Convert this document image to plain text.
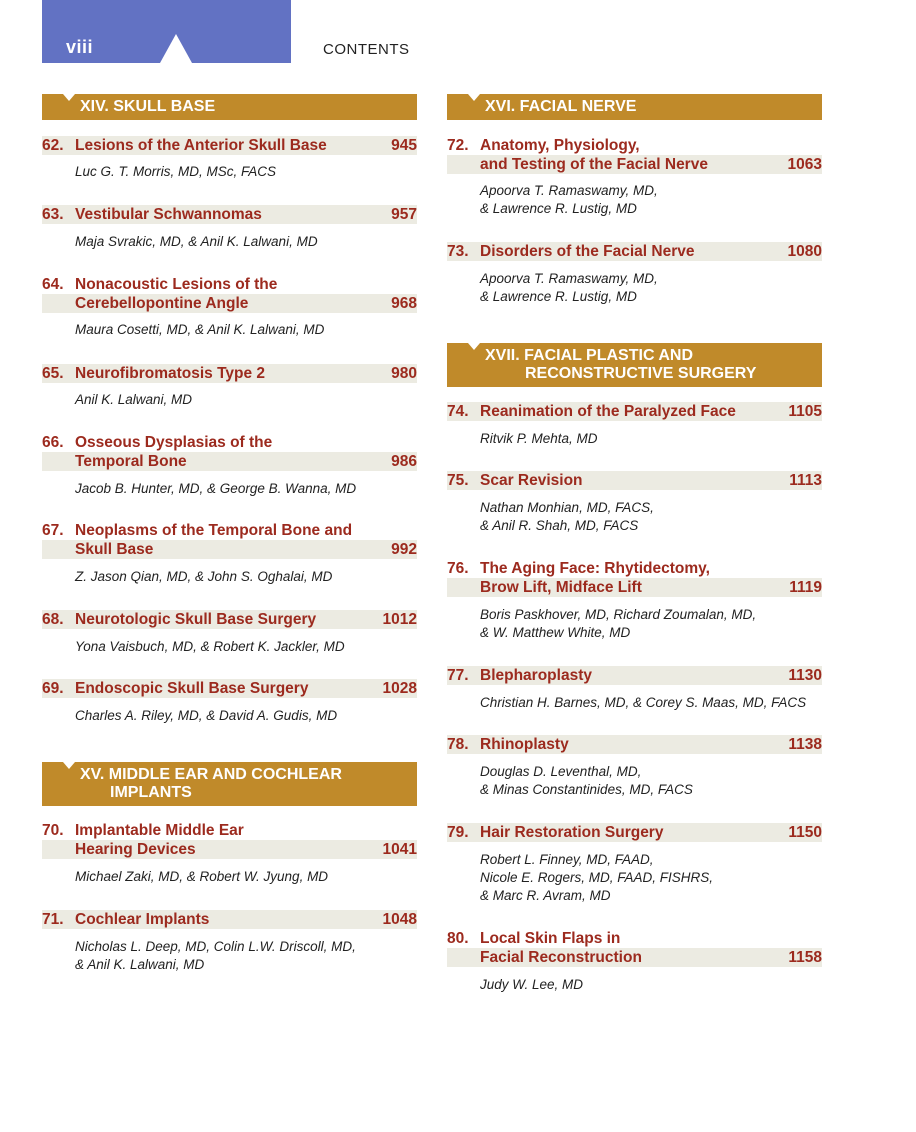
viii	CONTENTS
XIV. SKULL BASE
62. Lesions of the Anterior Skull Base	945
Luc G. T. Morris, MD, MSc, FACS
63. Vestibular Schwannomas	957
Maja Svrakic, MD, & Anil K. Lalwani, MD
64. Nonacoustic Lesions of the
Cerebellopontine Angle	968
Maura Cosetti, MD, & Anil K. Lalwani, MD
65. Neurofibromatosis Type 2	980
Anil K. Lalwani, MD
66. Osseous Dysplasias of the
Temporal Bone	986
Jacob B. Hunter, MD, & George B. Wanna, MD
67. Neoplasms of the Temporal Bone and
Skull Base	992
Z. Jason Qian, MD, & John S. Oghalai, MD
68. Neurotologic Skull Base Surgery	1012
Yona Vaisbuch, MD, & Robert K. Jackler, MD
69. Endoscopic Skull Base Surgery	1028
Charles A. Riley, MD, & David A. Gudis, MD
XV. MIDDLE EAR AND COCHLEAR
IMPLANTS
70. Implantable Middle Ear
Hearing Devices	1041
Michael Zaki, MD, & Robert W. Jyung, MD
71. Cochlear Implants	1048
Nicholas L. Deep, MD, Colin L.W. Driscoll, MD,
& Anil K. Lalwani, MD
XVI. FACIAL NERVE
72. Anatomy, Physiology,
and Testing of the Facial Nerve	1063
Apoorva T. Ramaswamy, MD,
& Lawrence R. Lustig, MD
73. Disorders of the Facial Nerve	1080
Apoorva T. Ramaswamy, MD,
& Lawrence R. Lustig, MD
XVII. FACIAL PLASTIC AND
RECONSTRUCTIVE SURGERY
74. Reanimation of the Paralyzed Face	1105
Ritvik P. Mehta, MD
75. Scar Revision	1113
Nathan Monhian, MD, FACS,
& Anil R. Shah, MD, FACS
76. The Aging Face: Rhytidectomy,
Brow Lift, Midface Lift	1119
Boris Paskhover, MD, Richard Zoumalan, MD,
& W. Matthew White, MD
77. Blepharoplasty	1130
Christian H. Barnes, MD, & Corey S. Maas, MD, FACS
78. Rhinoplasty	1138
Douglas D. Leventhal, MD,
& Minas Constantinides, MD, FACS
79. Hair Restoration Surgery	1150
Robert L. Finney, MD, FAAD,
Nicole E. Rogers, MD, FAAD, FISHRS,
& Marc R. Avram, MD
80. Local Skin Flaps in
Facial Reconstruction	1158
Judy W. Lee, MD
